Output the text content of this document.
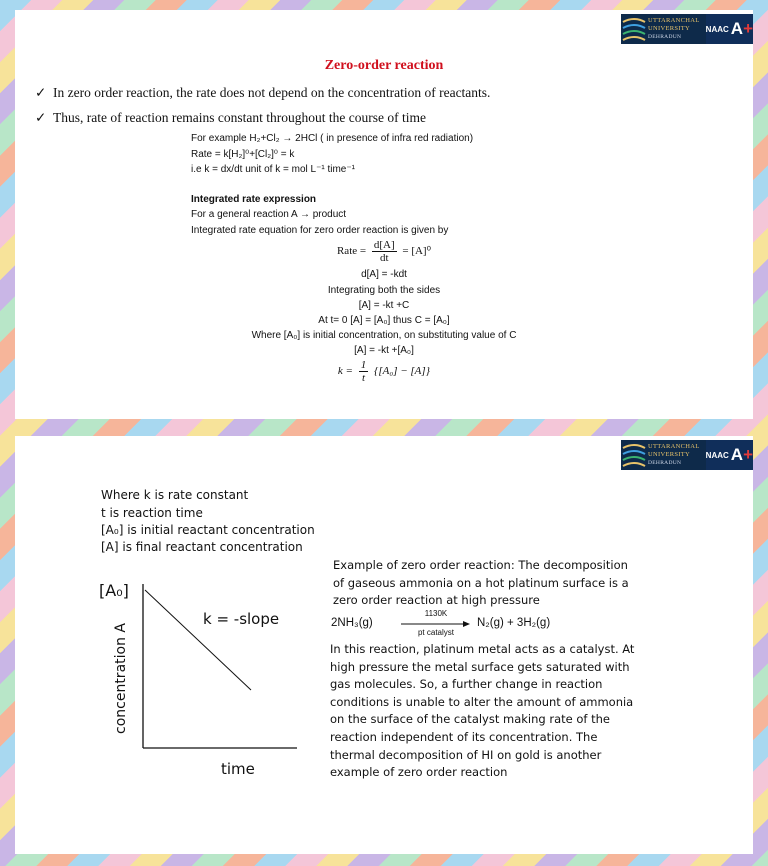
UTTARANCHAL
UNIVERSITY
DEHRADUN
NAAC A+
Zero-order reaction
✓ In zero order reaction, the rate does not depend on the concentration of reactants.
✓ Thus, rate of reaction remains constant throughout the course of time
For example H₂+Cl₂ → 2HCl ( in presence of infra red radiation)
Rate = k[H₂]⁰+[Cl₂]⁰ = k
i.e k = dx/dt unit of k = mol L⁻¹ time⁻¹
Integrated rate expression
For a general reaction A → product
Integrated rate equation for zero order reaction is given by
Rate = $\frac{d[A]}{dt} = [A]^0$
d[A] = -kdt
Integrating both the sides
[A] = -kt +C
At t= 0 [A] = [A₀] thus C = [A₀]
Where [A₀] is initial concentration, on substituting value of C
[A] = -kt +[A₀]
$k = \frac{1}{t} \{[A_0] - [A]\}$
UTTARANCHAL
UNIVERSITY
DEHRADUN
NAAC A+
Where k is rate constant
t is reaction time
[A₀] is initial reactant concentration
[A] is final reactant concentration
[A₀]
k = -slope
concentration A
time
Example of zero order reaction: The decomposition
of gaseous ammonia on a hot platinum surface is a
zero order reaction at high pressure
2NH₃(g)
1130K
pt catalyst
N₂(g) + 3H₂(g)
In this reaction, platinum metal acts as a catalyst. At
high pressure the metal surface gets saturated with
gas molecules. So, a further change in reaction
conditions is unable to alter the amount of ammonia
on the surface of the catalyst making rate of the
reaction independent of its concentration. The
thermal decomposition of HI on gold is another
example of zero order reaction
